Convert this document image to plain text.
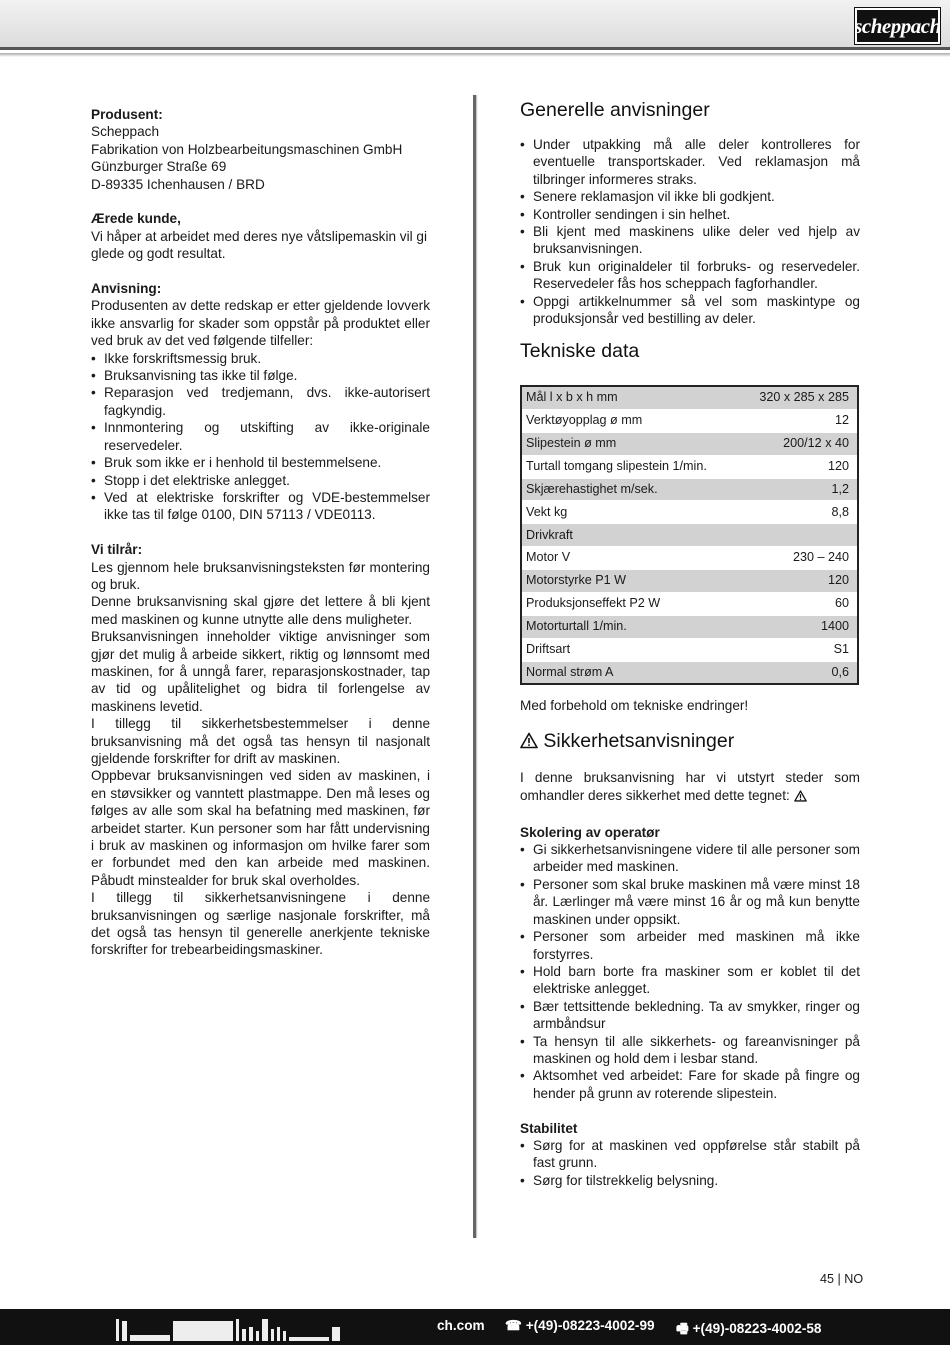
scheppach

Produsent:

Scheppach

Fabrikation von Holzbearbeitungsmaschinen GmbH

Günzburger Straße 69

D-89335 Ichenhausen / BRD

Ærede kunde,

Vi håper at arbeidet med deres nye våtslipemaskin vil gi glede og godt resultat.

Anvisning:

Produsenten av dette redskap er etter gjeldende lovverk ikke ansvarlig for skader som oppstår på produktet eller ved bruk av det ved følgende tilfeller:

• Ikke forskriftsmessig bruk.
• Bruksanvisning tas ikke til følge.
• Reparasjon ved tredjemann, dvs. ikke-autorisert fagkyndig.
• Innmontering og utskifting av ikke-originale reservedeler.
• Bruk som ikke er i henhold til bestemmelsene.
• Stopp i det elektriske anlegget.
• Ved at elektriske forskrifter og VDE-bestemmelser ikke tas til følge 0100, DIN 57113 / VDE0113.

Vi tilrår:

Les gjennom hele bruksanvisningsteksten før montering og bruk.

Denne bruksanvisning skal gjøre det lettere å bli kjent med maskinen og kunne utnytte alle dens muligheter.

Bruksanvisningen inneholder viktige anvisninger som gjør det mulig å arbeide sikkert, riktig og lønnsomt med maskinen, for å unngå farer, reparasjonskostnader, tap av tid og upålitelighet og bidra til forlengelse av maskinens levetid.

I tillegg til sikkerhetsbestemmelser i denne bruksanvisning må det også tas hensyn til nasjonalt gjeldende forskrifter for drift av maskinen.

Oppbevar bruksanvisningen ved siden av maskinen, i en støvsikker og vanntett plastmappe. Den må leses og følges av alle som skal ha befatning med maskinen, før arbeidet starter. Kun personer som har fått undervisning i bruk av maskinen og informasjon om hvilke farer som er forbundet med den kan arbeide med maskinen. Påbudt minstealder for bruk skal overholdes.

I tillegg til sikkerhetsanvisningene i denne bruksanvisningen og særlige nasjonale forskrifter, må det også tas hensyn til generelle anerkjente tekniske forskrifter for trebearbeidingsmaskiner.

Generelle anvisninger
• Under utpakking må alle deler kontrolleres for eventuelle transportskader. Ved reklamasjon må tilbringer informeres straks.
• Senere reklamasjon vil ikke bli godkjent.
• Kontroller sendingen i sin helhet.
• Bli kjent med maskinens ulike deler ved hjelp av bruksanvisningen.
• Bruk kun originaldeler til forbruks- og reservedeler. Reservedeler fås hos scheppach fagforhandler.
• Oppgi artikkelnummer så vel som maskintype og produksjonsår ved bestilling av deler.
Tekniske data
Mål l x b x h mm	320 x 285 x 285
Verktøyopplag ø mm	12
Slipestein ø mm	200/12 x 40
Turtall tomgang slipestein 1/min.	120
Skjærehastighet m/sek.	1,2
Vekt kg	8,8
Drivkraft	
Motor V	230 – 240
Motorstyrke P1 W	120
Produksjonseffekt P2 W	60
Motorturtall 1/min.	1400
Driftsart	S1
Normal strøm A	0,6

Med forbehold om tekniske endringer!

Sikkerhetsanvisninger

I denne bruksanvisning har vi utstyrt steder som omhandler deres sikkerhet med dette tegnet:

Skolering av operatør

• Gi sikkerhetsanvisningene videre til alle personer som arbeider med maskinen.
• Personer som skal bruke maskinen må være minst 18 år. Lærlinger må være minst 16 år og må kun benytte maskinen under oppsikt.
• Personer som arbeider med maskinen må ikke forstyrres.
• Hold barn borte fra maskiner som er koblet til det elektriske anlegget.
• Bær tettsittende bekledning. Ta av smykker, ringer og armbåndsur
• Ta hensyn til alle sikkerhets- og fareanvisninger på maskinen og hold dem i lesbar stand.
• Aktsomhet ved arbeidet: Fare for skade på fingre og hender på grunn av roterende slipestein.

Stabilitet

• Sørg for at maskinen ved oppførelse står stabilt på fast grunn.
• Sørg for tilstrekkelig belysning.
45 | NO
ch.com ☎ +(49)-08223-4002-99 🖷 +(49)-08223-4002-58
